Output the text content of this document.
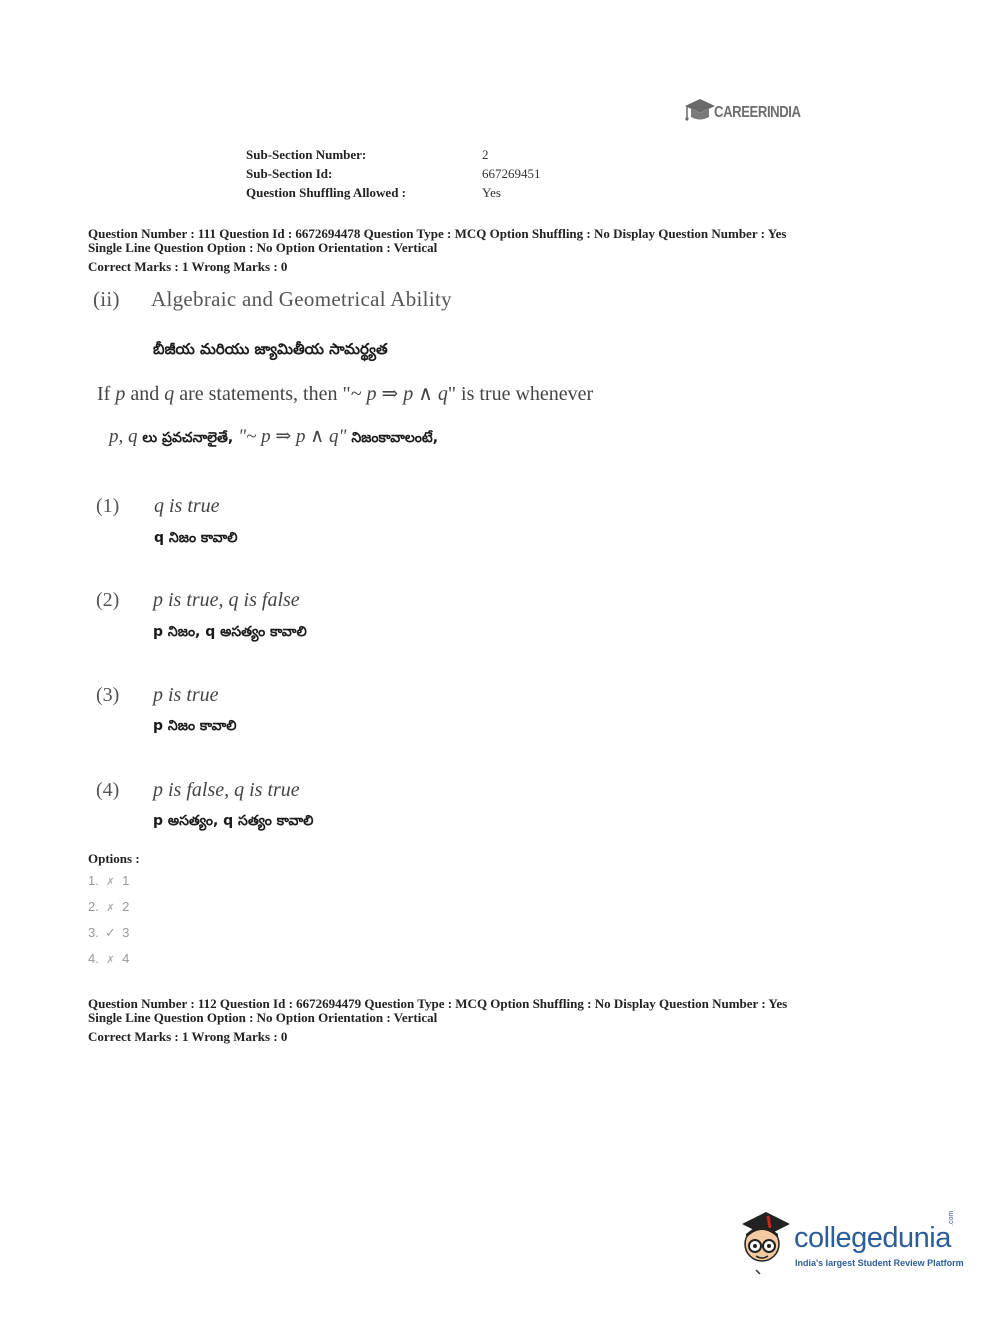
CAREERINDIA
Sub-Section Number:	2
Sub-Section Id:	667269451
Question Shuffling Allowed :	Yes
Question Number : 111 Question Id : 6672694478 Question Type : MCQ Option Shuffling : No Display Question Number : Yes
Single Line Question Option : No Option Orientation : Vertical
Correct Marks : 1 Wrong Marks : 0
(ii) Algebraic and Geometrical Ability
బీజీయ మరియు జ్యామితీయ సామర్థ్యత
If p and q are statements, then "~ p ⇒ p ∧ q" is true whenever
p, q లు ప్రవచనాలైతే, "~ p ⇒ p ∧ q" నిజంకావాలంటే,
(1) q is true
q నిజం కావాలి
(2) p is true, q is false
p నిజం, q అసత్యం కావాలి
(3) p is true
p నిజం కావాలి
(4) p is false, q is true
p అసత్యం, q సత్యం కావాలి
Options :
1. ✗ 1
2. ✗ 2
3. ✓ 3
4. ✗ 4
Question Number : 112 Question Id : 6672694479 Question Type : MCQ Option Shuffling : No Display Question Number : Yes
Single Line Question Option : No Option Orientation : Vertical
Correct Marks : 1 Wrong Marks : 0
collegedunia
.com
India's largest Student Review Platform
